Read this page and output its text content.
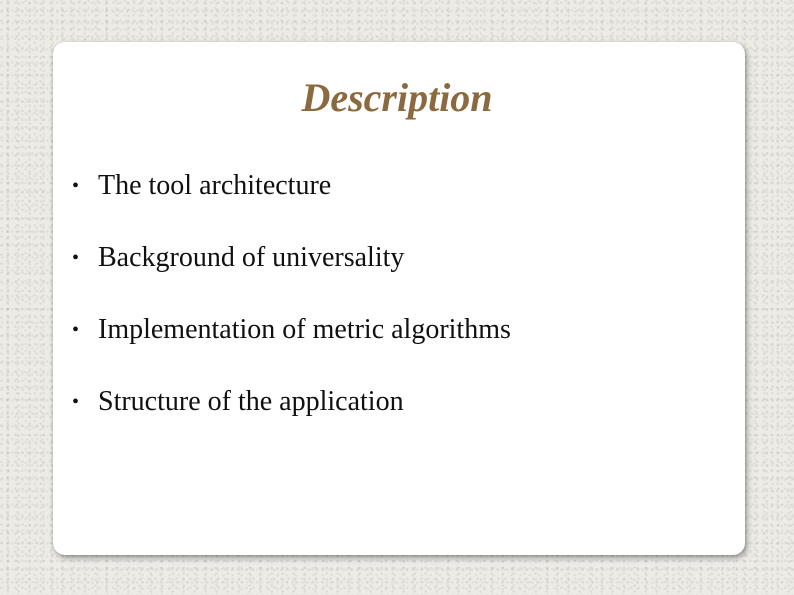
Description
• The tool architecture
• Background of universality
• Implementation of metric algorithms
• Structure of the application
